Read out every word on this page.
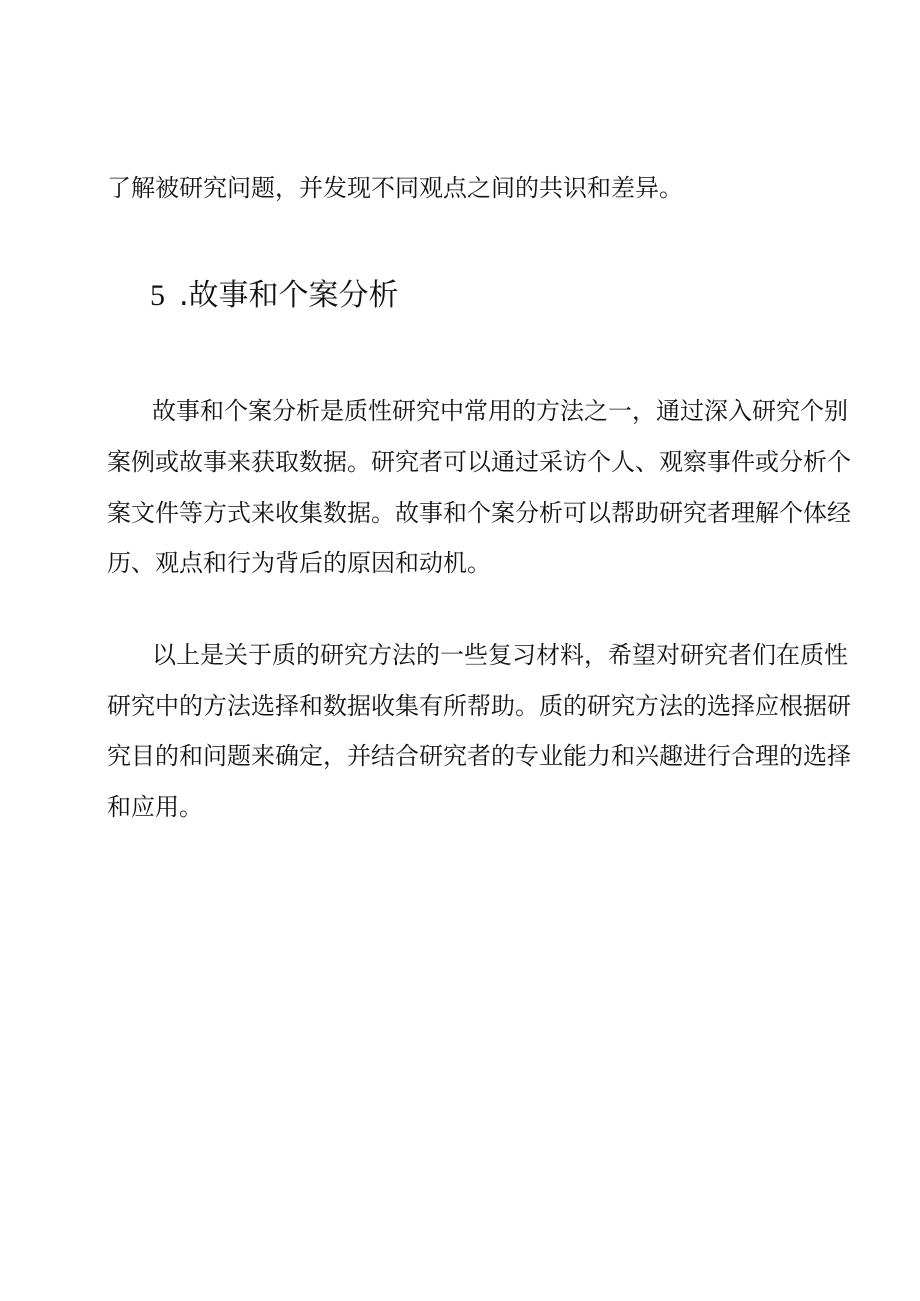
了解被研究问题，并发现不同观点之间的共识和差异。
5 .故事和个案分析
故事和个案分析是质性研究中常用的方法之一，通过深入研究个别
案例或故事来获取数据。研究者可以通过采访个人、观察事件或分析个
案文件等方式来收集数据。故事和个案分析可以帮助研究者理解个体经
历、观点和行为背后的原因和动机。
以上是关于质的研究方法的一些复习材料，希望对研究者们在质性
研究中的方法选择和数据收集有所帮助。质的研究方法的选择应根据研
究目的和问题来确定，并结合研究者的专业能力和兴趣进行合理的选择
和应用。
